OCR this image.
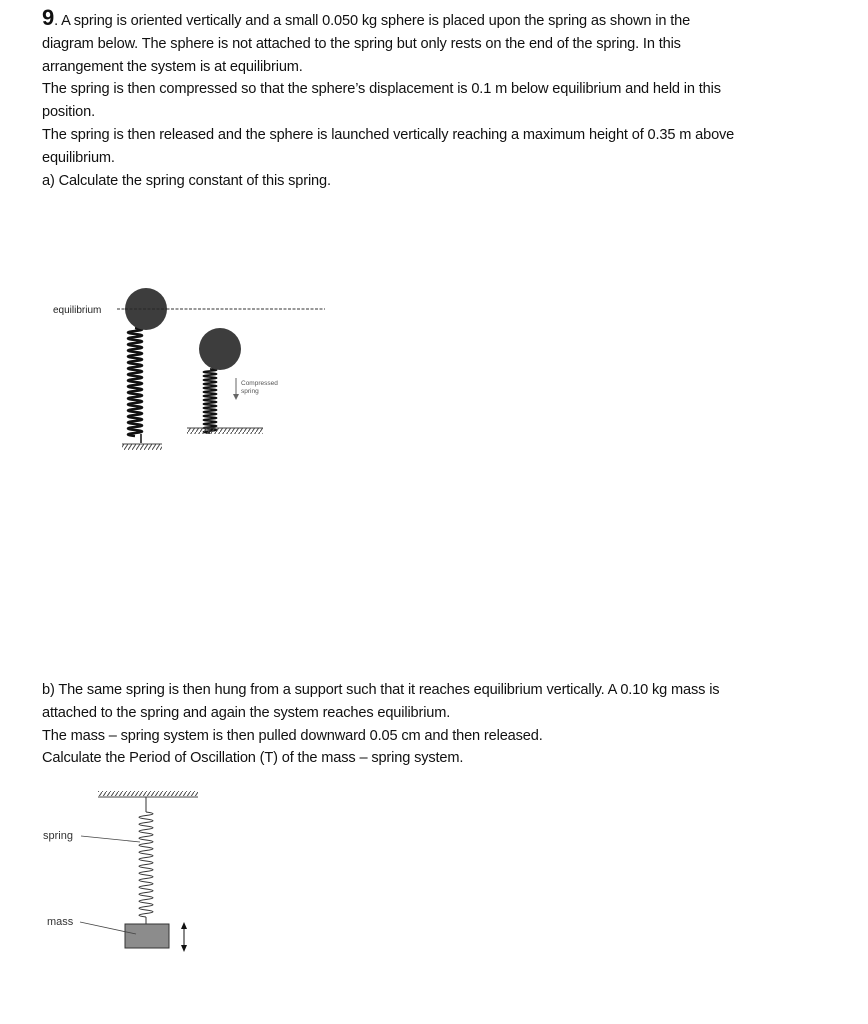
9. A spring is oriented vertically and a small 0.050 kg sphere is placed upon the spring as shown in the

diagram below. The sphere is not attached to the spring but only rests on the end of the spring. In this

arrangement the system is at equilibrium.

The spring is then compressed so that the sphere’s displacement is 0.1 m below equilibrium and held in this

position.

The spring is then released and the sphere is launched vertically reaching a maximum height of 0.35 m above

equilibrium.

a) Calculate the spring constant of this spring.

equilibrium
Compressed
spring

b) The same spring is then hung from a support such that it reaches equilibrium vertically. A 0.10 kg mass is

attached to the spring and again the system reaches equilibrium.

The mass – spring system is then pulled downward 0.05 cm and then released.

Calculate the Period of Oscillation (T) of the mass – spring system.

spring
mass
